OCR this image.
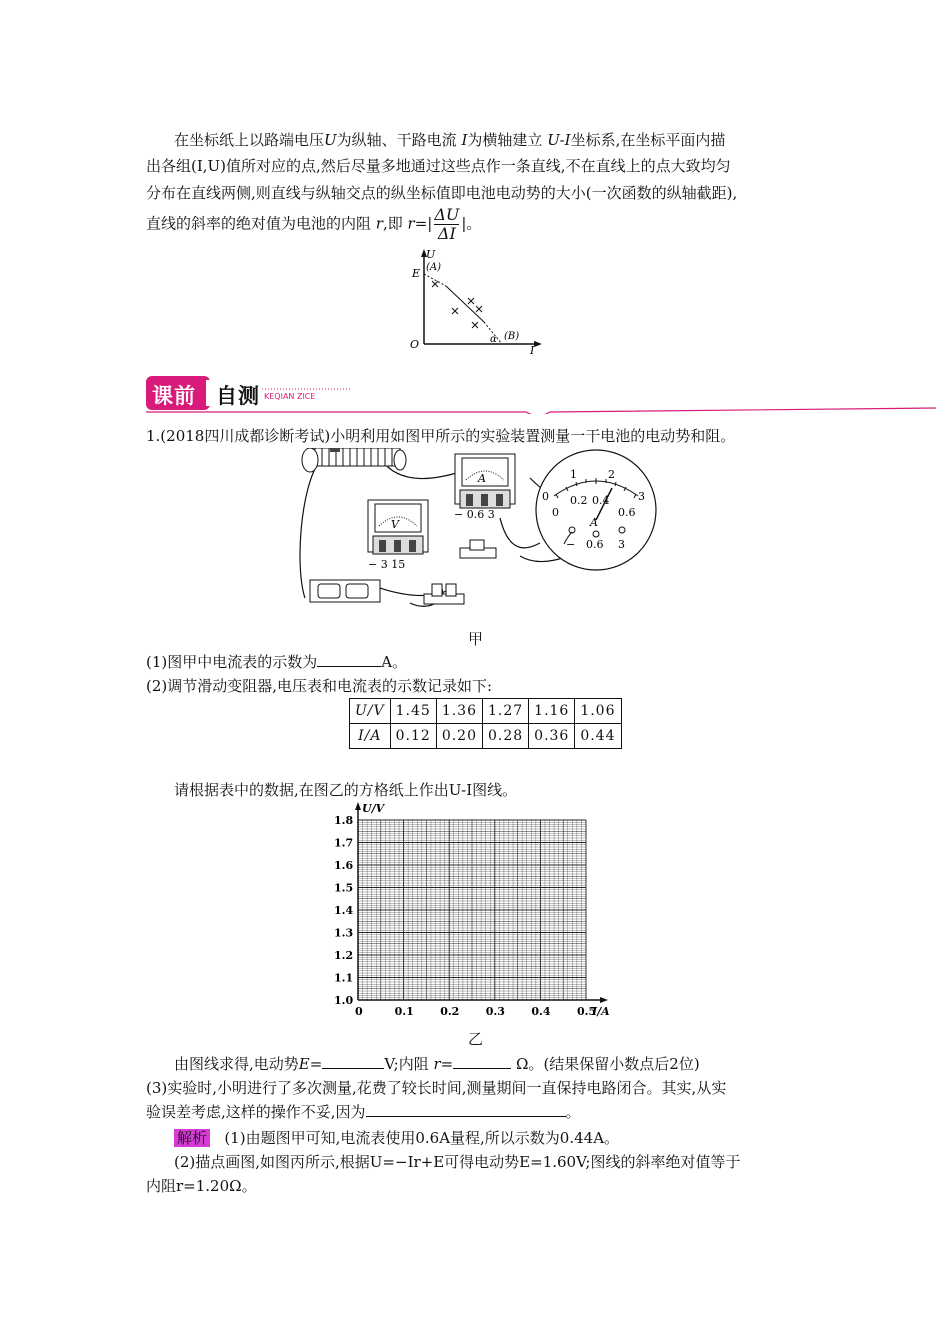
在坐标纸上以路端电压U为纵轴、干路电流 I为横轴建立 U-I坐标系,在坐标平面内描
出各组(I,U)值所对应的点,然后尽量多地通过这些点作一条直线,不在直线上的点大致均匀
分布在直线两侧,则直线与纵轴交点的纵坐标值即电池电动势的大小(一次函数的纵轴截距),
直线的斜率的绝对值为电池的内阻 r,即 $r=| \frac{\Delta U}{\Delta I}$ |。
U
I
O
E (A)
(B)
α
课前 自测 KEQIAN ZICE
1.(2018四川成都诊断考试)小明利用如图甲所示的实验装置测量一干电池的电动势和阻。
A
− 0.6 3
V
− 3 15
1	2
0	3
0
0.2 0.4
0.6
A
− 0.6 3
甲
(1)图甲中电流表的示数为	A。
(2)调节滑动变阻器,电压表和电流表的示数记录如下:
U/V	1.45	1.36	1.27	1.16	1.06
I/A	0.12	0.20	0.28	0.36	0.44
请根据表中的数据,在图乙的方格纸上作出U-I图线。
U/V
I/A
1.8
1.7
1.6
1.5
1.4
1.3
1.2
1.1
1.0
0	0.1 0.2 0.3 0.4 0.5
乙
由图线求得,电动势E=	V;内阻 r=	Ω。(结果保留小数点后2位)
(3)实验时,小明进行了多次测量,花费了较长时间,测量期间一直保持电路闭合。其实,从实
验误差考虑,这样的操作不妥,因为	。
解析 (1)由题图甲可知,电流表使用0.6A量程,所以示数为0.44A。
(2)描点画图,如图丙所示,根据U=−Ir+E可得电动势E=1.60V;图线的斜率绝对值等于
内阻r=1.20Ω。
